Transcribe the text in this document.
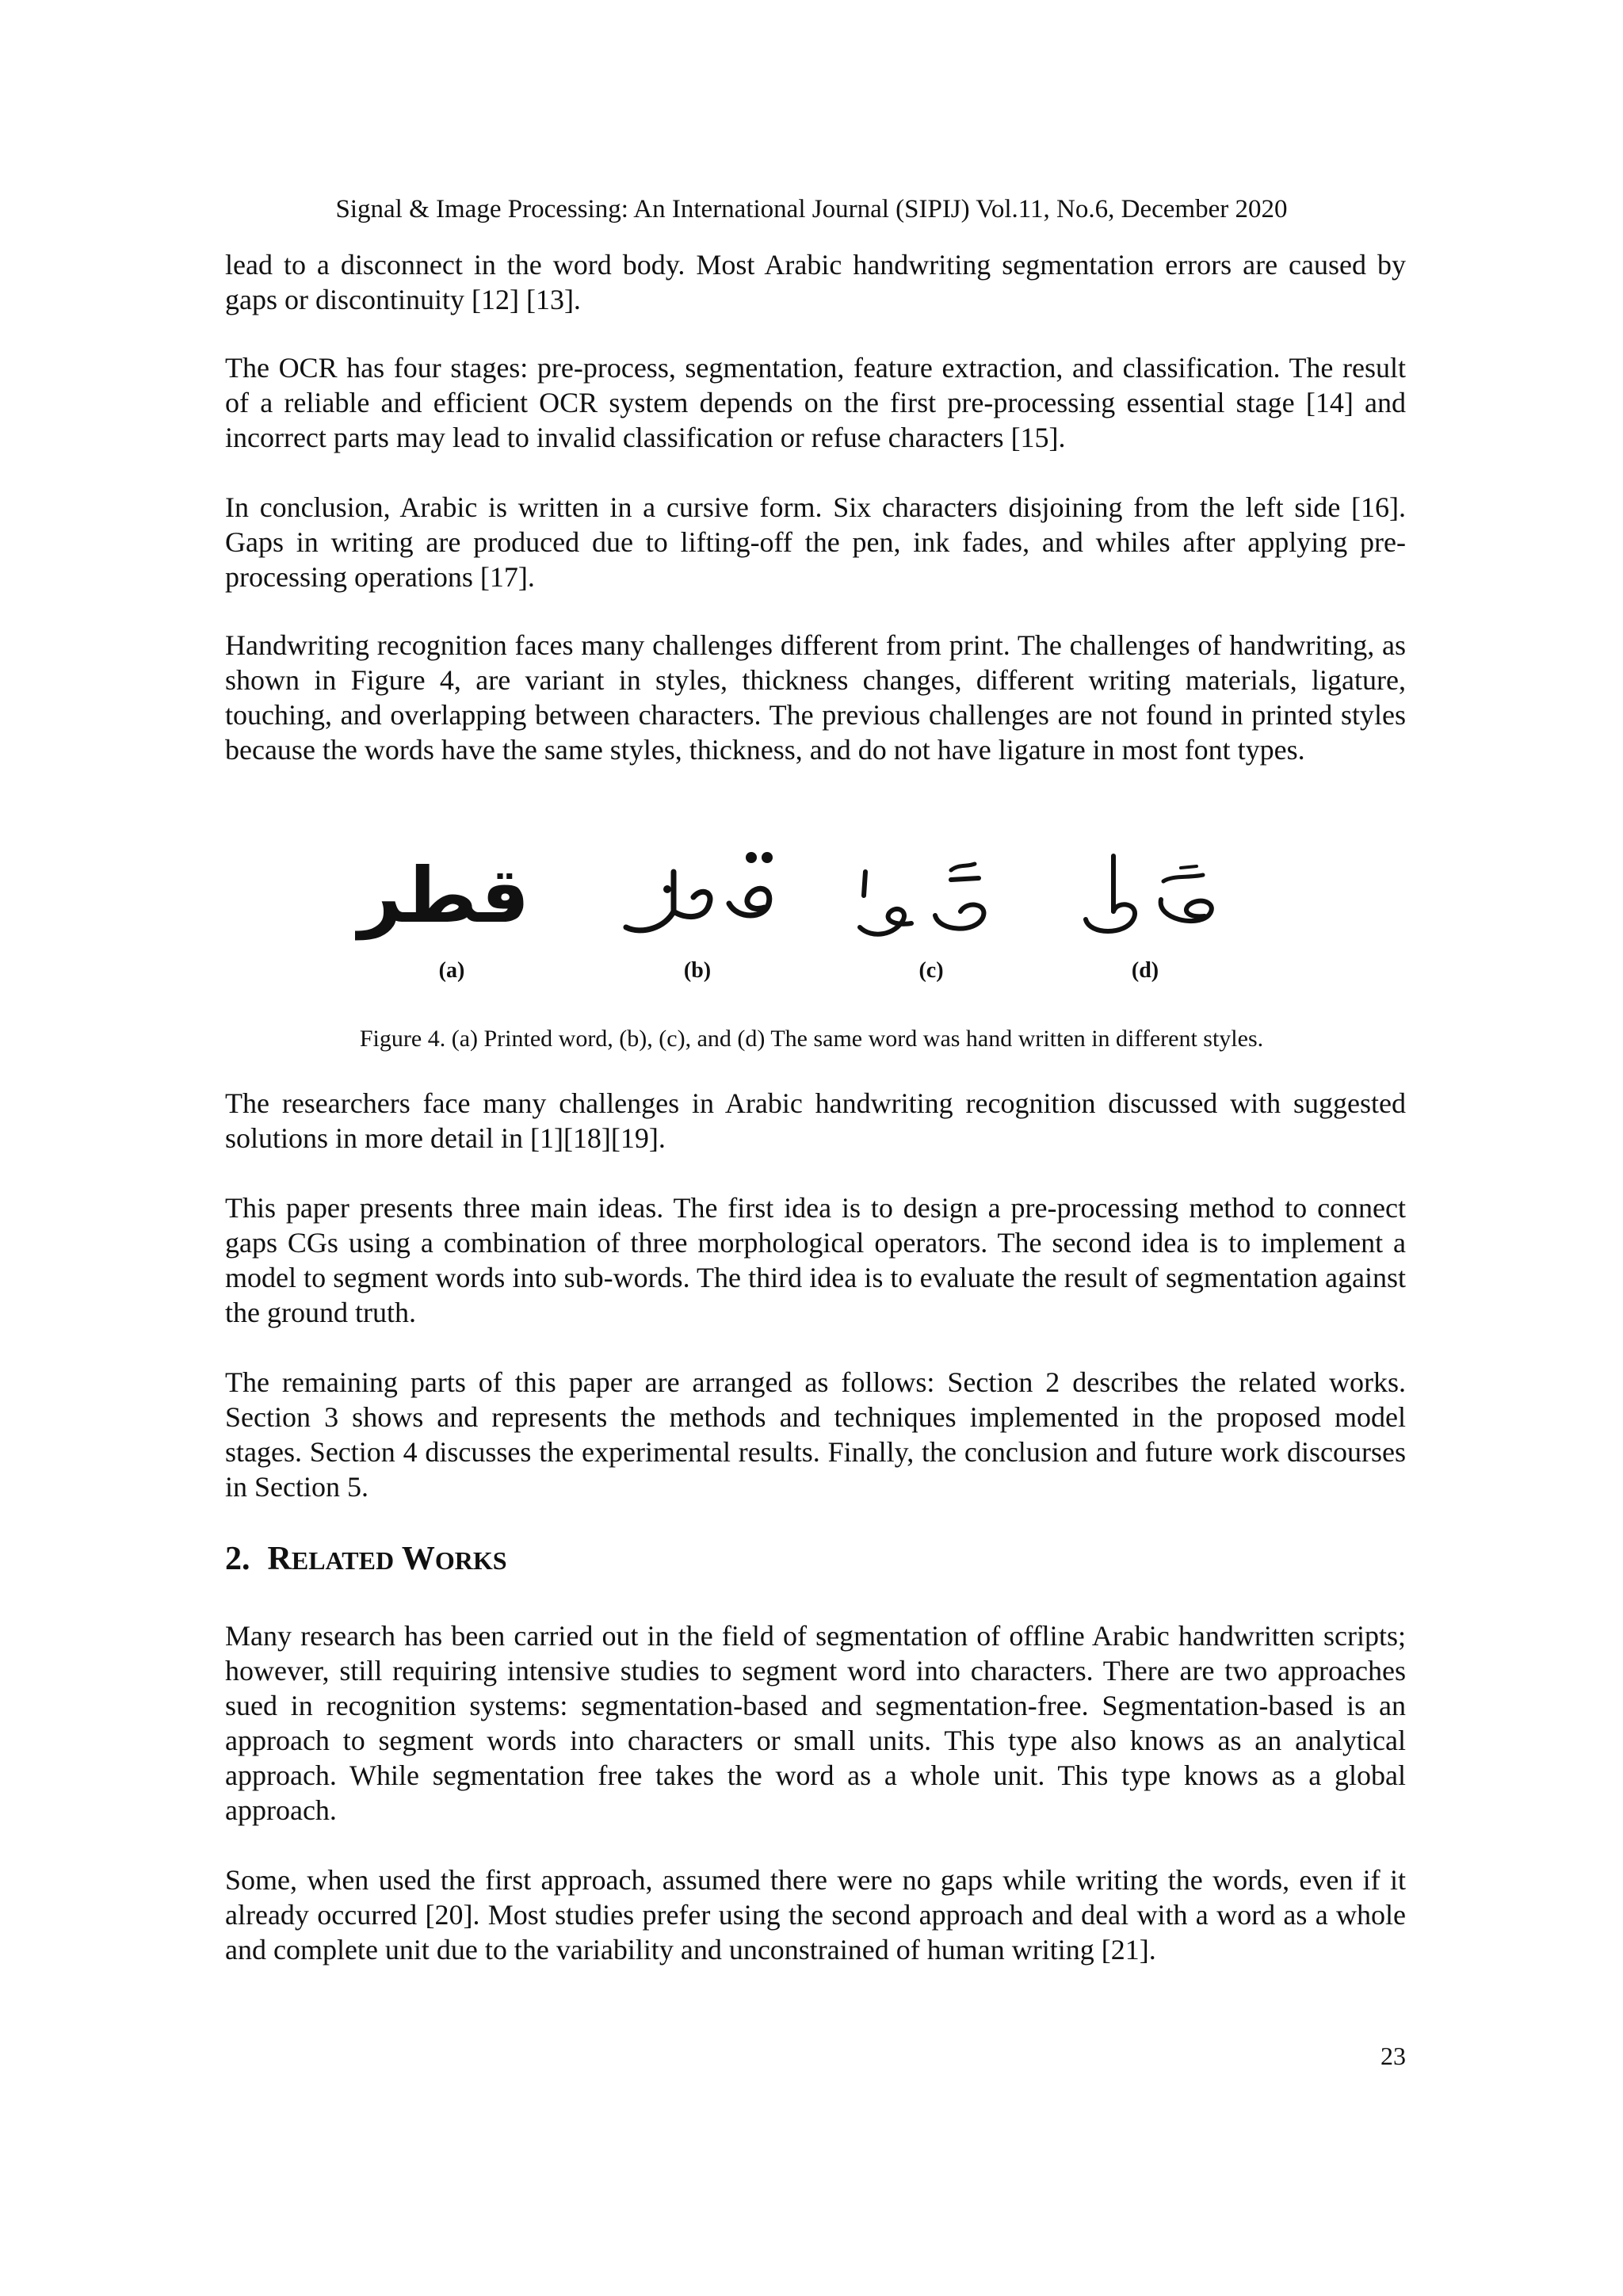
Signal & Image Processing: An International Journal (SIPIJ) Vol.11, No.6, December 2020

lead to a disconnect in the word body. Most Arabic handwriting segmentation errors are caused by gaps or discontinuity [12] [13].

The OCR has four stages: pre-process, segmentation, feature extraction, and classification. The result of a reliable and efficient OCR system depends on the first pre-processing essential stage [14] and incorrect parts may lead to invalid classification or refuse characters [15].

In conclusion, Arabic is written in a cursive form. Six characters disjoining from the left side [16]. Gaps in writing are produced due to lifting-off the pen, ink fades, and whiles after applying pre-processing operations [17].

Handwriting recognition faces many challenges different from print. The challenges of handwriting, as shown in Figure 4, are variant in styles, thickness changes, different writing materials, ligature, touching, and overlapping between characters. The previous challenges are not found in printed styles because the words have the same styles, thickness, and do not have ligature in most font types.

قطر
(a)	(b)	(c)	(d)
Figure 4. (a) Printed word, (b), (c), and (d) The same word was hand written in different styles.

The researchers face many challenges in Arabic handwriting recognition discussed with suggested solutions in more detail in [1][18][19].

This paper presents three main ideas. The first idea is to design a pre-processing method to connect gaps CGs using a combination of three morphological operators. The second idea is to implement a model to segment words into sub-words. The third idea is to evaluate the result of segmentation against the ground truth.

The remaining parts of this paper are arranged as follows: Section 2 describes the related works. Section 3 shows and represents the methods and techniques implemented in the proposed model stages. Section 4 discusses the experimental results. Finally, the conclusion and future work discourses in Section 5.

2. RELATED WORKS

Many research has been carried out in the field of segmentation of offline Arabic handwritten scripts; however, still requiring intensive studies to segment word into characters. There are two approaches sued in recognition systems: segmentation-based and segmentation-free. Segmentation-based is an approach to segment words into characters or small units. This type also knows as an analytical approach. While segmentation free takes the word as a whole unit. This type knows as a global approach.

Some, when used the first approach, assumed there were no gaps while writing the words, even if it already occurred [20]. Most studies prefer using the second approach and deal with a word as a whole and complete unit due to the variability and unconstrained of human writing [21].

23
